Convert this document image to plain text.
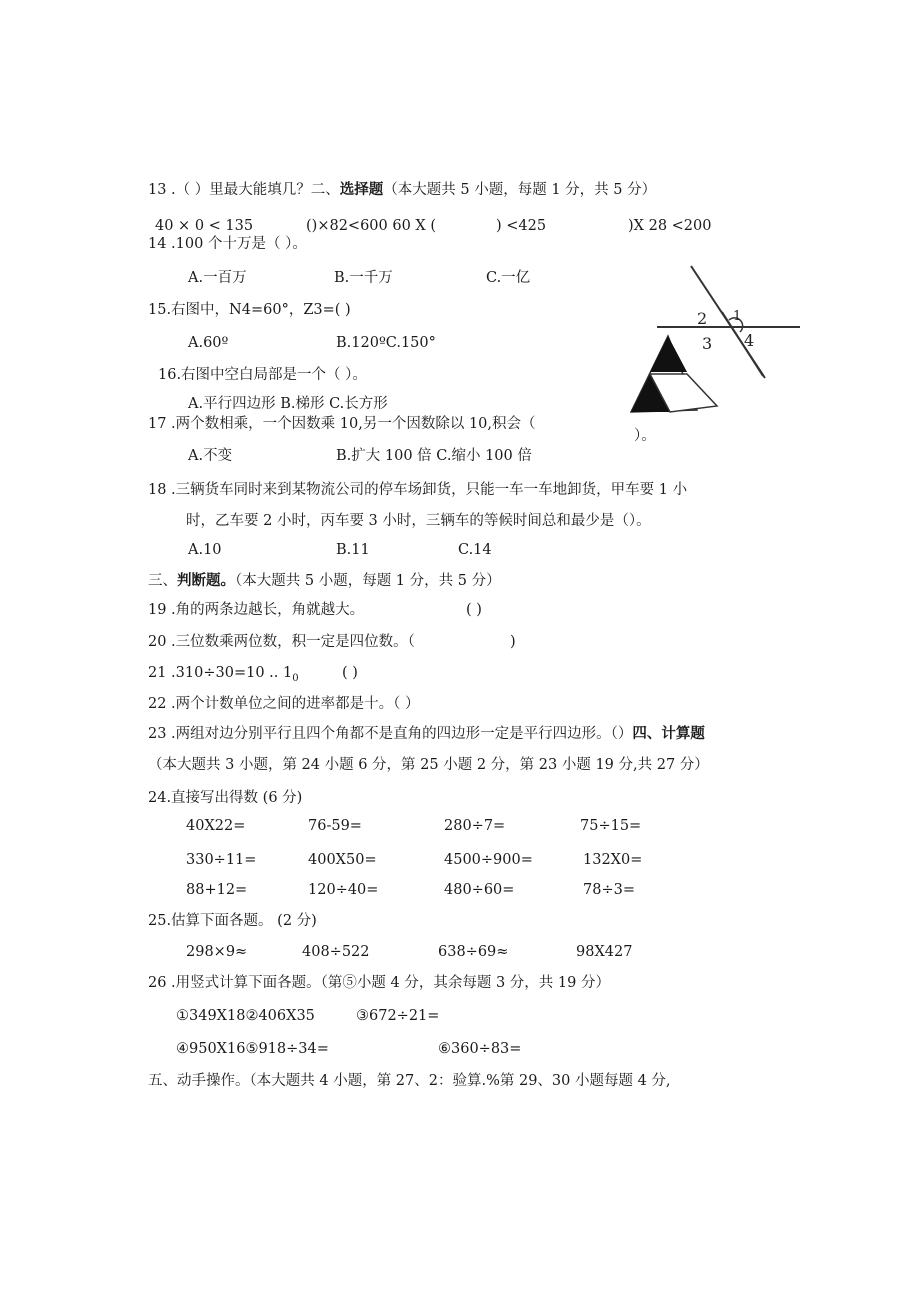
13 .（ ）里最大能填几？二、选择题（本大题共 5 小题，每题 1 分，共 5 分）
40 × 0 < 135	()×82<600 60 X (	) <425	)X 28 <200
14 .100 个十万是（ ）。
A.一百万	B.一千万	C.一亿
15.右图中，N4=60°，Z3=( )
A.60º	B.120ºC.150°
2
3 4
1
16.右图中空白局部是一个（ ）。
A.平行四边形 B.梯形 C.长方形
17 .两个数相乘，一个因数乘 10,另一个因数除以 10,积会（
）。
A.不变	B.扩大 100 倍 C.缩小 100 倍
18 .三辆货车同时来到某物流公司的停车场卸货，只能一车一车地卸货，甲车要 1 小
时，乙车要 2 小时，丙车要 3 小时，三辆车的等候时间总和最少是（）。
A.10	B.11	C.14
三、判断题。（本大题共 5 小题，每题 1 分，共 5 分）
19 .角的两条边越长，角就越大。	( )
20 .三位数乘两位数，积一定是四位数。（	)
21 .310÷30=10 .. $1_0$	( )
22 .两个计数单位之间的进率都是十。（ ）
23 .两组对边分别平行且四个角都不是直角的四边形一定是平行四边形。（）四、计算题
（本大题共 3 小题，第 24 小题 6 分，第 25 小题 2 分，第 23 小题 19 分,共 27 分）
24.直接写出得数 (6 分)
40X22=	76-59=	280÷7=	75÷15=
330÷11=	400X50=	4500÷900=	132X0=
88+12=	120÷40=	480÷60=	78÷3=
25.估算下面各题。 (2 分)
298×9≈	408÷522	638÷69≈	98X427
26 .用竖式计算下面各题。（第⑤小题 4 分，其余每题 3 分，共 19 分）
①349X18②406X35	③672÷21=
④950X16⑤918÷34=	⑥360÷83=
五、动手操作。（本大题共 4 小题，第 27、2：验算.%第 29、30 小题每题 4 分,
